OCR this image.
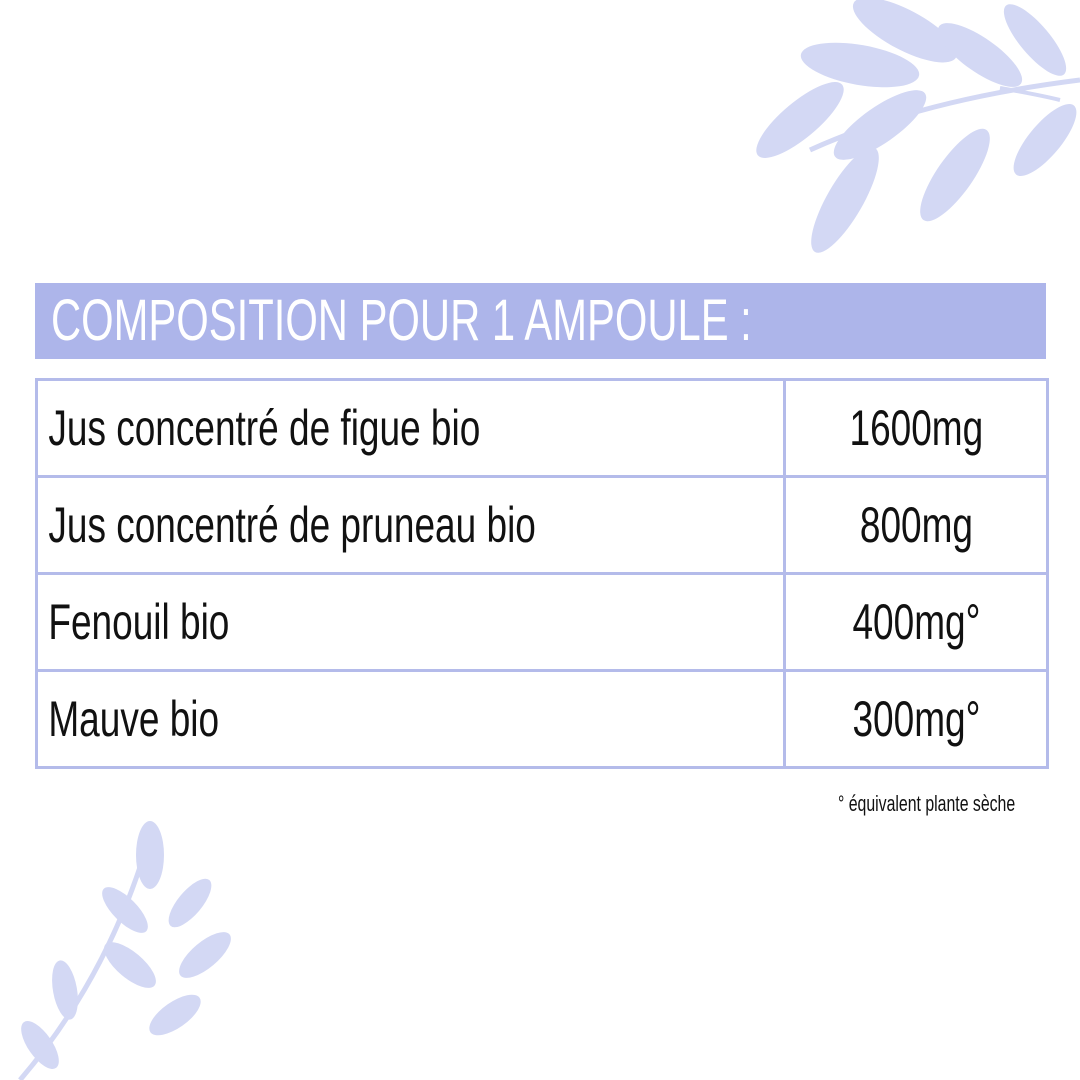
COMPOSITION POUR 1 AMPOULE :
Jus concentré de figue bio	1600mg
Jus concentré de pruneau bio	800mg
Fenouil bio	400mg°
Mauve bio	300mg°
° équivalent plante sèche
